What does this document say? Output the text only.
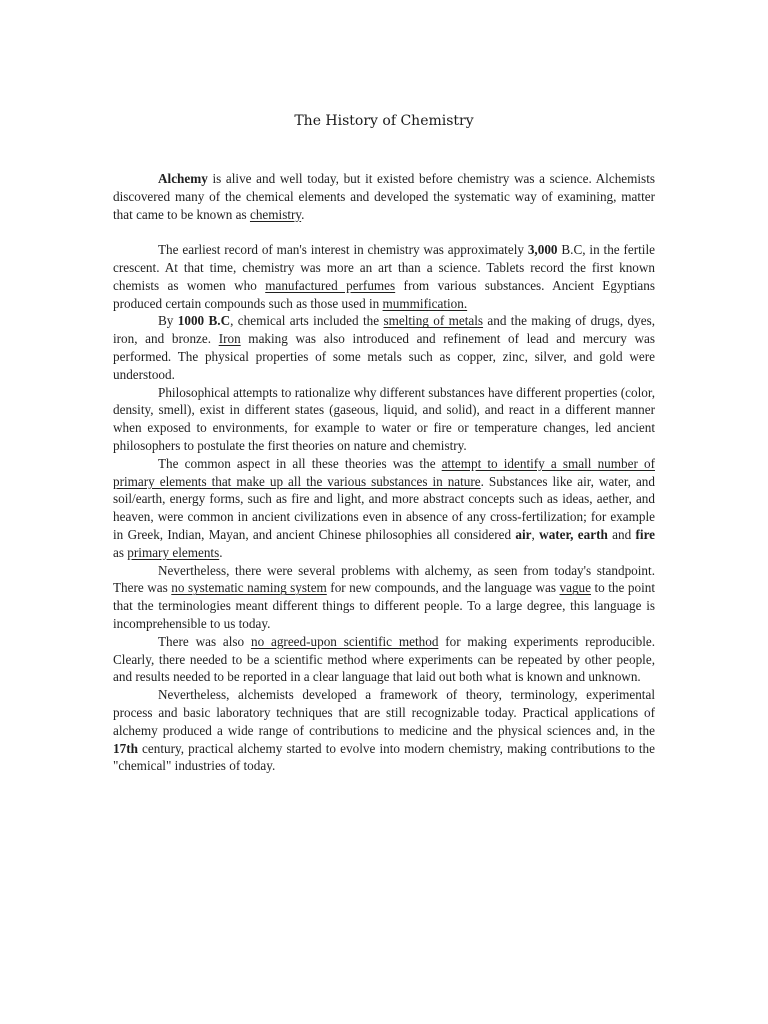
The History of Chemistry

Alchemy is alive and well today, but it existed before chemistry was a science. Alchemists discovered many of the chemical elements and developed the systematic way of examining, matter that came to be known as chemistry.

The earliest record of man's interest in chemistry was approximately 3,000 B.C, in the fertile crescent. At that time, chemistry was more an art than a science. Tablets record the first known chemists as women who manufactured perfumes from various substances. Ancient Egyptians produced certain compounds such as those used in mummification.

By 1000 B.C, chemical arts included the smelting of metals and the making of drugs, dyes, iron, and bronze. Iron making was also introduced and refinement of lead and mercury was performed. The physical properties of some metals such as copper, zinc, silver, and gold were understood.

Philosophical attempts to rationalize why different substances have different properties (color, density, smell), exist in different states (gaseous, liquid, and solid), and react in a different manner when exposed to environments, for example to water or fire or temperature changes, led ancient philosophers to postulate the first theories on nature and chemistry.

The common aspect in all these theories was the attempt to identify a small number of primary elements that make up all the various substances in nature. Substances like air, water, and soil/earth, energy forms, such as fire and light, and more abstract concepts such as ideas, aether, and heaven, were common in ancient civilizations even in absence of any cross-fertilization; for example in Greek, Indian, Mayan, and ancient Chinese philosophies all considered air, water, earth and fire as primary elements.

Nevertheless, there were several problems with alchemy, as seen from today's standpoint. There was no systematic naming system for new compounds, and the language was vague to the point that the terminologies meant different things to different people. To a large degree, this language is incomprehensible to us today.

There was also no agreed-upon scientific method for making experiments reproducible. Clearly, there needed to be a scientific method where experiments can be repeated by other people, and results needed to be reported in a clear language that laid out both what is known and unknown.

Nevertheless, alchemists developed a framework of theory, terminology, experimental process and basic laboratory techniques that are still recognizable today. Practical applications of alchemy produced a wide range of contributions to medicine and the physical sciences and, in the 17th century, practical alchemy started to evolve into modern chemistry, making contributions to the "chemical" industries of today.
